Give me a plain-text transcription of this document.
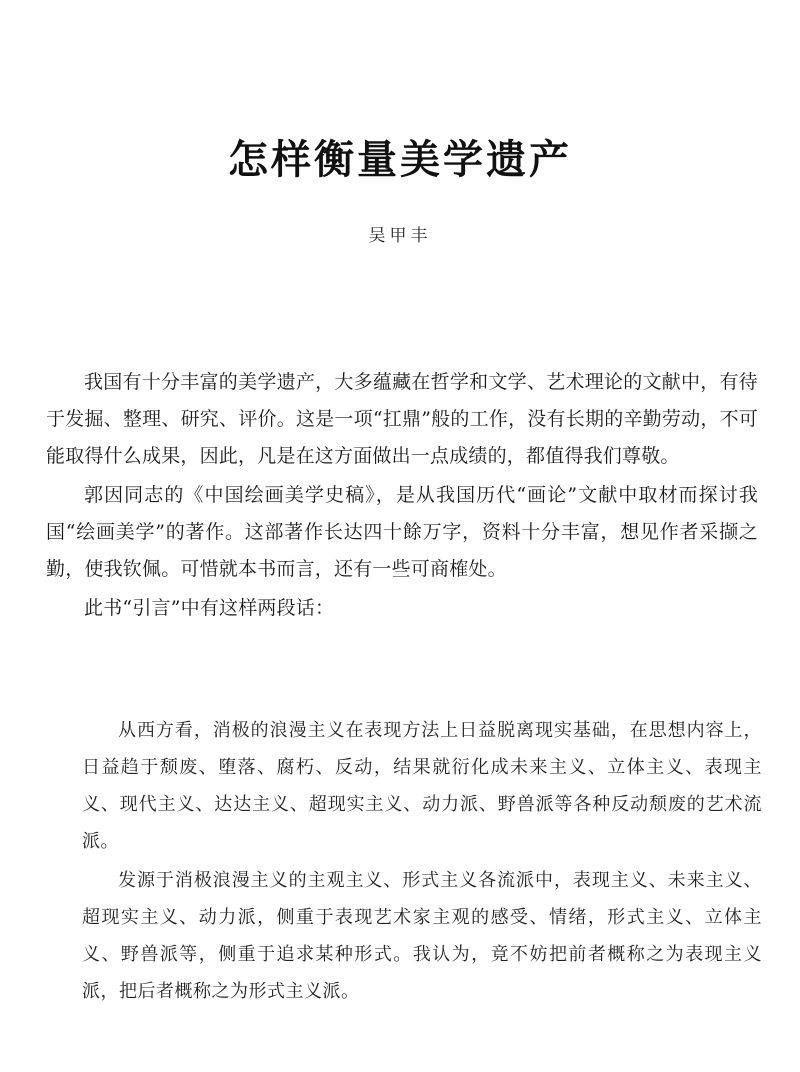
怎样衡量美学遗产

吴甲丰

我国有十分丰富的美学遗产，大多蕴藏在哲学和文学、艺术理论的文献中，有待于发掘、整理、研究、评价。这是一项“扛鼎”般的工作，没有长期的辛勤劳动，不可能取得什么成果，因此，凡是在这方面做出一点成绩的，都值得我们尊敬。

郭因同志的《中国绘画美学史稿》，是从我国历代“画论”文献中取材而探讨我国“绘画美学”的著作。这部著作长达四十餘万字，资料十分丰富，想见作者采撷之勤，使我钦佩。可惜就本书而言，还有一些可商榷处。

此书“引言”中有这样两段话：

从西方看，消极的浪漫主义在表现方法上日益脱离现实基础，在思想内容上，日益趋于颓废、堕落、腐朽、反动，结果就衍化成未来主义、立体主义、表现主义、现代主义、达达主义、超现实主义、动力派、野兽派等各种反动颓废的艺术流派。

发源于消极浪漫主义的主观主义、形式主义各流派中，表现主义、未来主义、超现实主义、动力派，侧重于表现艺术家主观的感受、情绪，形式主义、立体主义、野兽派等，侧重于追求某种形式。我认为，竟不妨把前者概称之为表现主义派，把后者概称之为形式主义派。
